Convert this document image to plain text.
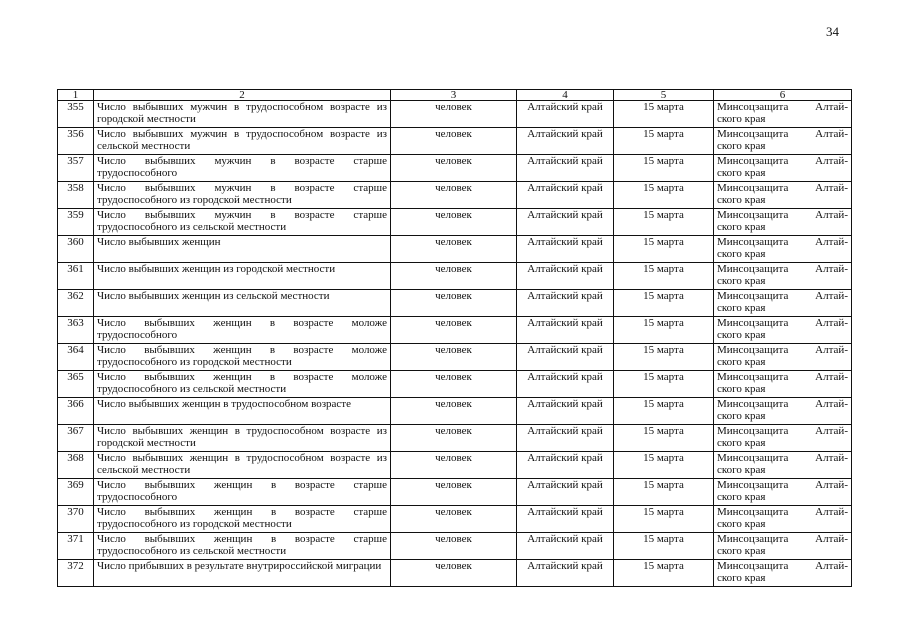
34
1	2	3	4	5	6
355	Число выбывших мужчин в трудоспособном возрасте из городской местности	человек	Алтайский край	15 марта	Минсоцзащита Алтай-
ского края

356	Число выбывших мужчин в трудоспособном возрасте из сельской местности	человек	Алтайский край	15 марта	Минсоцзащита Алтай-
ского края

357	Число выбывших мужчин в возрасте старше трудоспособного	человек	Алтайский край	15 марта	Минсоцзащита Алтай-
ского края

358	Число выбывших мужчин в возрасте старше трудоспособного из городской местности	человек	Алтайский край	15 марта	Минсоцзащита Алтай-
ского края

359	Число выбывших мужчин в возрасте старше трудоспособного из сельской местности	человек	Алтайский край	15 марта	Минсоцзащита Алтай-
ского края

360	Число выбывших женщин	человек	Алтайский край	15 марта	Минсоцзащита Алтай-
ского края

361	Число выбывших женщин из городской местности	человек	Алтайский край	15 марта	Минсоцзащита Алтай-
ского края

362	Число выбывших женщин из сельской местности	человек	Алтайский край	15 марта	Минсоцзащита Алтай-
ского края

363	Число выбывших женщин в возрасте моложе трудоспособного	человек	Алтайский край	15 марта	Минсоцзащита Алтай-
ского края

364	Число выбывших женщин в возрасте моложе трудоспособного из городской местности	человек	Алтайский край	15 марта	Минсоцзащита Алтай-
ского края

365	Число выбывших женщин в возрасте моложе трудоспособного из сельской местности	человек	Алтайский край	15 марта	Минсоцзащита Алтай-
ского края

366	Число выбывших женщин в трудоспособном возрасте	человек	Алтайский край	15 марта	Минсоцзащита Алтай-
ского края

367	Число выбывших женщин в трудоспособном возрасте из городской местности	человек	Алтайский край	15 марта	Минсоцзащита Алтай-
ского края

368	Число выбывших женщин в трудоспособном возрасте из сельской местности	человек	Алтайский край	15 марта	Минсоцзащита Алтай-
ского края

369	Число выбывших женщин в возрасте старше трудоспособного	человек	Алтайский край	15 марта	Минсоцзащита Алтай-
ского края

370	Число выбывших женщин в возрасте старше трудоспособного из городской местности	человек	Алтайский край	15 марта	Минсоцзащита Алтай-
ского края

371	Число выбывших женщин в возрасте старше трудоспособного из сельской местности	человек	Алтайский край	15 марта	Минсоцзащита Алтай-
ского края

372	Число прибывших в результате внутрироссийской миграции	человек	Алтайский край	15 марта	Минсоцзащита Алтай-
ского края
